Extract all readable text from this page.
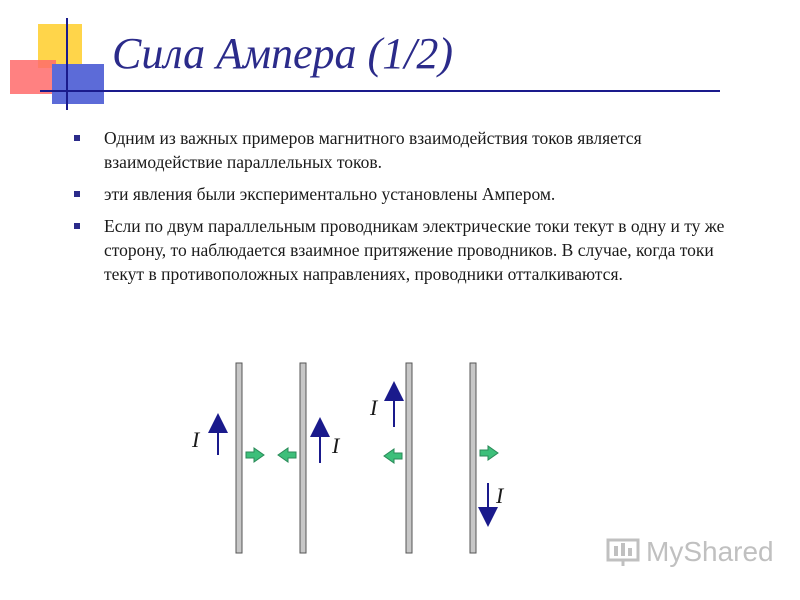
Сила Ампера (1/2)
Одним из важных примеров магнитного взаимодействия токов является взаимодействие параллельных токов.
эти явления были экспериментально установлены Ампером.
Если по двум параллельным проводникам электрические токи текут в одну и ту же сторону, то наблюдается взаимное притяжение проводников. В случае, когда токи текут в противоположных направлениях, проводники отталкиваются.
I	I
I
I
MyShared
